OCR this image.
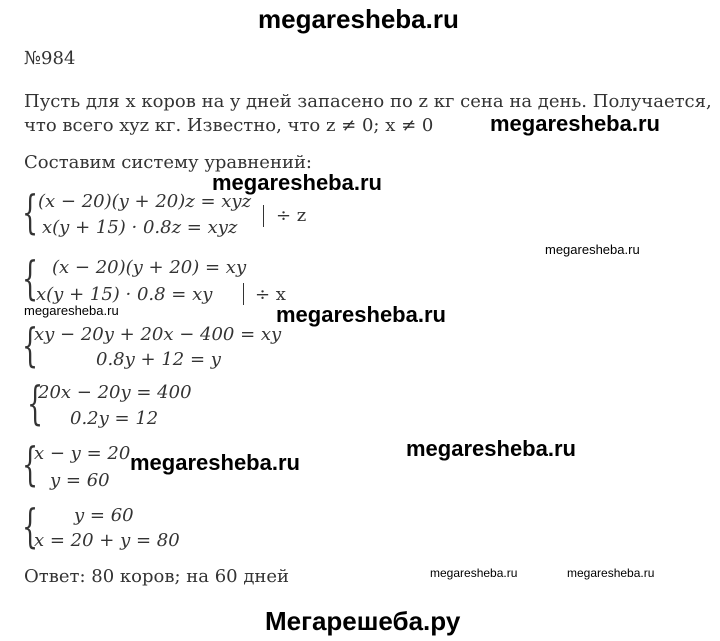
megaresheba.ru
megaresheba.ru
megaresheba.ru
megaresheba.ru
megaresheba.ru
megaresheba.ru
megaresheba.ru
megaresheba.ru
megaresheba.ru	megaresheba.ru
Мегарешеба.ру
№984
Пусть для x коров на y дней запасено по z кг сена на день. Получается,
что всего xyz кг. Известно, что z ≠ 0; x ≠ 0
Составим систему уравнений:
{ (x − 20)(y + 20)z = xyz
x(y + 15) · 0.8z = xyz
÷ z
{ (x − 20)(y + 20) = xy
x(y + 15) · 0.8 = xy ÷ x
{
xy − 20y + 20x − 400 = xy
0.8y + 12 = y
{
20x − 20y = 400
0.2y = 12
{
x − y = 20
y = 60
{ y = 60
x = 20 + y = 80
Ответ: 80 коров; на 60 дней
